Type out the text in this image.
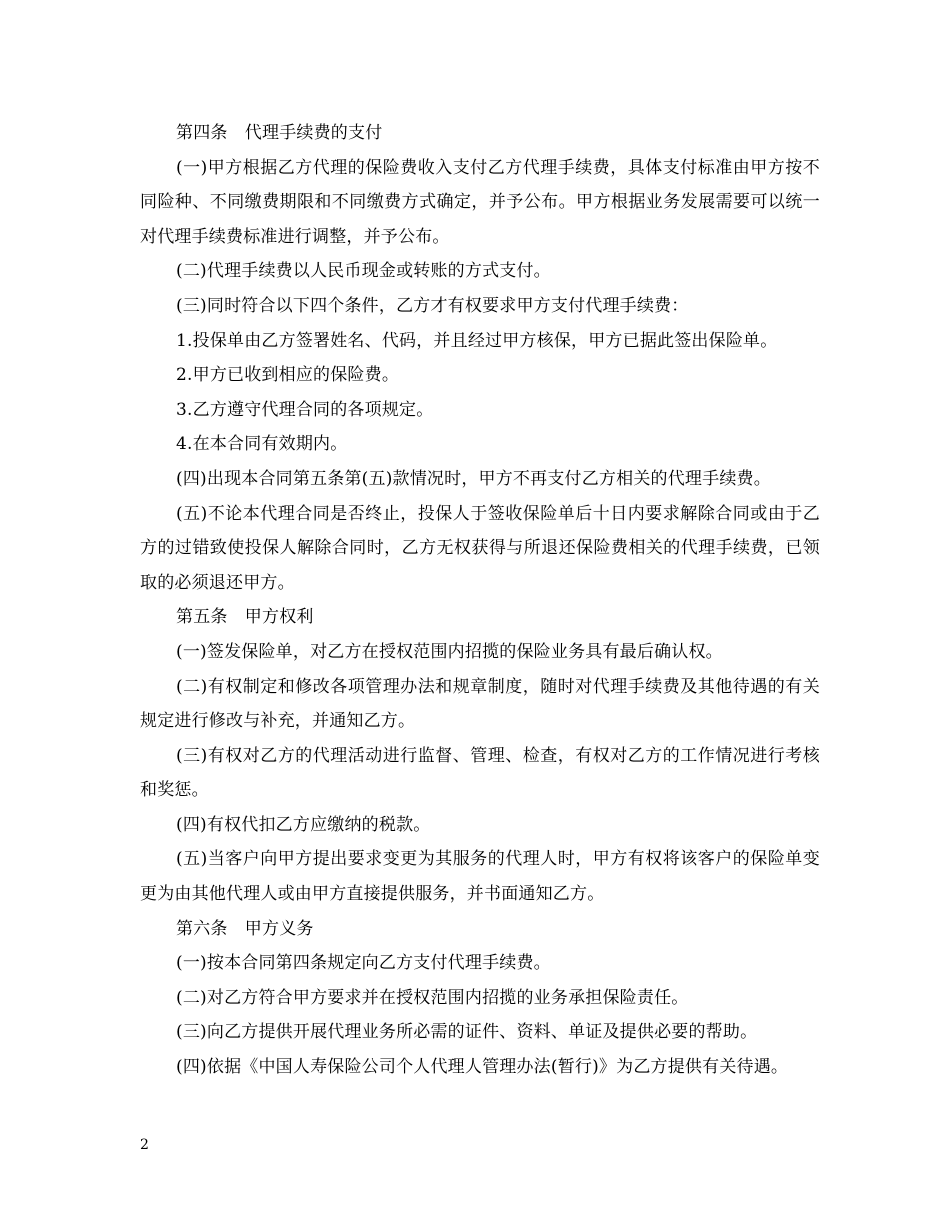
第四条　代理手续费的支付

(一)甲方根据乙方代理的保险费收入支付乙方代理手续费，具体支付标准由甲方按不同险种、不同缴费期限和不同缴费方式确定，并予公布。甲方根据业务发展需要可以统一对代理手续费标准进行调整，并予公布。

(二)代理手续费以人民币现金或转账的方式支付。

(三)同时符合以下四个条件，乙方才有权要求甲方支付代理手续费：

1.投保单由乙方签署姓名、代码，并且经过甲方核保，甲方已据此签出保险单。

2.甲方已收到相应的保险费。

3.乙方遵守代理合同的各项规定。

4.在本合同有效期内。

(四)出现本合同第五条第(五)款情况时，甲方不再支付乙方相关的代理手续费。

(五)不论本代理合同是否终止，投保人于签收保险单后十日内要求解除合同或由于乙方的过错致使投保人解除合同时，乙方无权获得与所退还保险费相关的代理手续费，已领取的必须退还甲方。

第五条　甲方权利

(一)签发保险单，对乙方在授权范围内招揽的保险业务具有最后确认权。

(二)有权制定和修改各项管理办法和规章制度，随时对代理手续费及其他待遇的有关规定进行修改与补充，并通知乙方。

(三)有权对乙方的代理活动进行监督、管理、检查，有权对乙方的工作情况进行考核和奖惩。

(四)有权代扣乙方应缴纳的税款。

(五)当客户向甲方提出要求变更为其服务的代理人时，甲方有权将该客户的保险单变更为由其他代理人或由甲方直接提供服务，并书面通知乙方。

第六条　甲方义务

(一)按本合同第四条规定向乙方支付代理手续费。

(二)对乙方符合甲方要求并在授权范围内招揽的业务承担保险责任。

(三)向乙方提供开展代理业务所必需的证件、资料、单证及提供必要的帮助。

(四)依据《中国人寿保险公司个人代理人管理办法(暂行)》为乙方提供有关待遇。

2
